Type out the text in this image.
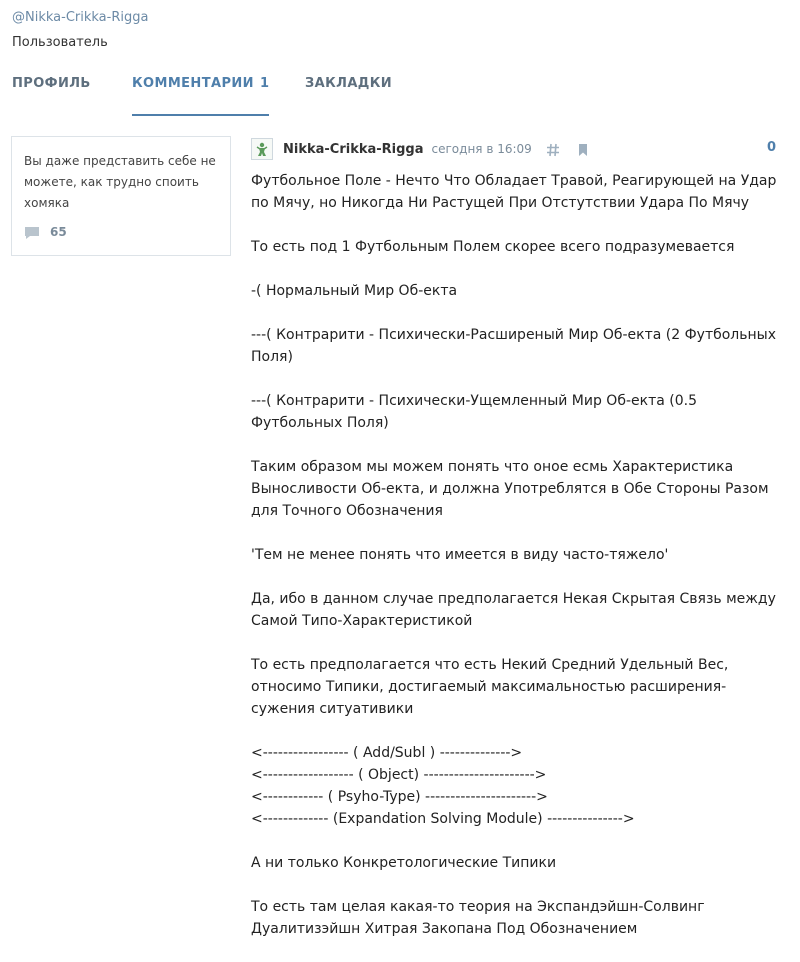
@Nikka-Crikka-Rigga
Пользователь
ПРОФИЛЬ	КОММЕНТАРИИ 1	ЗАКЛАДКИ
Вы даже представить себе не можете, как трудно споить хомяка
65
Nikka-Crikka-Rigga сегодня в 16:09	0

Футбольное Поле - Нечто Что Обладает Травой, Реагирующей на Удар по Мячу, но Никогда Ни Растущей При Отстутствии Удара По Мячу

То есть под 1 Футбольным Полем скорее всего подразумевается

-( Нормальный Мир Об-екта

---( Контрарити - Психически-Расширеный Мир Об-екта (2 Футбольных Поля)

---( Контрарити - Психически-Ущемленный Мир Об-екта (0.5 Футбольных Поля)

Таким образом мы можем понять что оное есмь Характеристика Выносливости Об-екта, и должна Употреблятся в Обе Стороны Разом для Точного Обозначения

'Тем не менее понять что имеется в виду часто-тяжело'

Да, ибо в данном случае предполагается Некая Скрытая Связь между Самой Типо-Характеристикой

То есть предполагается что есть Некий Средний Удельный Вес, относимо Типики, достигаемый максимальностью расширения-сужения ситуативики

<----------------- ( Add/Subl ) -------------->
<------------------ ( Object) ---------------------->
<------------ ( Psyho-Type) ---------------------->
<------------- (Expandation Solving Module) --------------->

А ни только Конкретологические Типики

То есть там целая какая-то теория на Экспандэйшн-Солвинг Дуалитизэйшн Хитрая Закопана Под Обозначением
